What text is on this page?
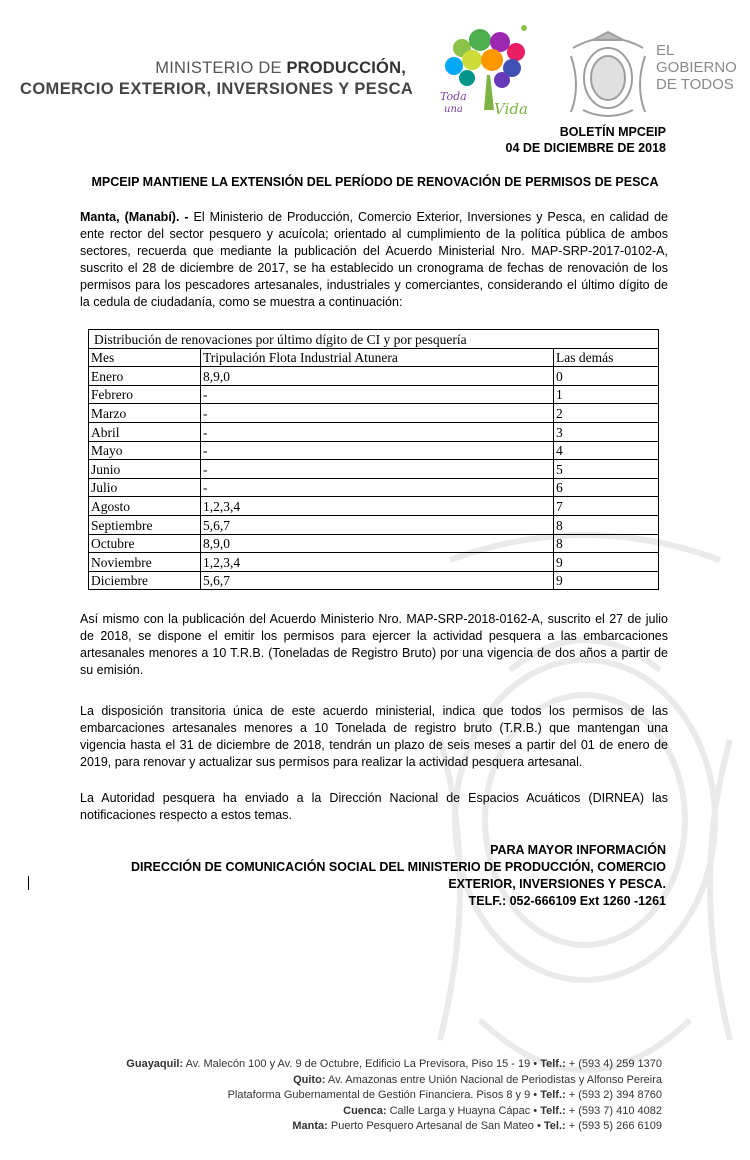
MINISTERIO DE PRODUCCIÓN,
COMERCIO EXTERIOR, INVERSIONES Y PESCA	Toda
una Vida
EL
GOBIERNO
DE TODOS
BOLETÍN MPCEIP
04 DE DICIEMBRE DE 2018
MPCEIP MANTIENE LA EXTENSIÓN DEL PERÍODO DE RENOVACIÓN DE PERMISOS DE PESCA
Manta, (Manabí). - El Ministerio de Producción, Comercio Exterior, Inversiones y Pesca, en calidad de ente rector del sector pesquero y acuícola; orientado al cumplimiento de la política pública de ambos sectores, recuerda que mediante la publicación del Acuerdo Ministerial Nro. MAP-SRP-2017-0102-A, suscrito el 28 de diciembre de 2017, se ha establecido un cronograma de fechas de renovación de los permisos para los pescadores artesanales, industriales y comerciantes, considerando el último dígito de la cedula de ciudadanía, como se muestra a continuación:
Distribución de renovaciones por último dígito de CI y por pesquería		
Mes	Tripulación Flota Industrial Atunera	Las demás
Enero	8,9,0	0
Febrero	-	1
Marzo	-	2
Abril	-	3
Mayo	-	4
Junio	-	5
Julio	-	6
Agosto	1,2,3,4	7
Septiembre	5,6,7	8
Octubre	8,9,0	8
Noviembre	1,2,3,4	9
Diciembre	5,6,7	9
Así mismo con la publicación del Acuerdo Ministerio Nro. MAP-SRP-2018-0162-A, suscrito el 27 de julio de 2018, se dispone el emitir los permisos para ejercer la actividad pesquera a las embarcaciones artesanales menores a 10 T.R.B. (Toneladas de Registro Bruto) por una vigencia de dos años a partir de su emisión.
La disposición transitoria única de este acuerdo ministerial, indica que todos los permisos de las embarcaciones artesanales menores a 10 Tonelada de registro bruto (T.R.B.) que mantengan una vigencia hasta el 31 de diciembre de 2018, tendrán un plazo de seis meses a partir del 01 de enero de 2019, para renovar y actualizar sus permisos para realizar la actividad pesquera artesanal.
La Autoridad pesquera ha enviado a la Dirección Nacional de Espacios Acuáticos (DIRNEA) las notificaciones respecto a estos temas.
PARA MAYOR INFORMACIÓN
DIRECCIÓN DE COMUNICACIÓN SOCIAL DEL MINISTERIO DE PRODUCCIÓN, COMERCIO
EXTERIOR, INVERSIONES Y PESCA.
TELF.: 052-666109 Ext 1260 -1261
Guayaquil: Av. Malecón 100 y Av. 9 de Octubre, Edificio La Previsora, Piso 15 - 19 • Telf.: + (593 4) 259 1370
Quito: Av. Amazonas entre Unión Nacional de Periodistas y Alfonso Pereira
Plataforma Gubernamental de Gestión Financiera. Pisos 8 y 9 • Telf.: + (593 2) 394 8760
Cuenca: Calle Larga y Huayna Cápac • Telf.: + (593 7) 410 4082
Manta: Puerto Pesquero Artesanal de San Mateo • Tel.: + (593 5) 266 6109
